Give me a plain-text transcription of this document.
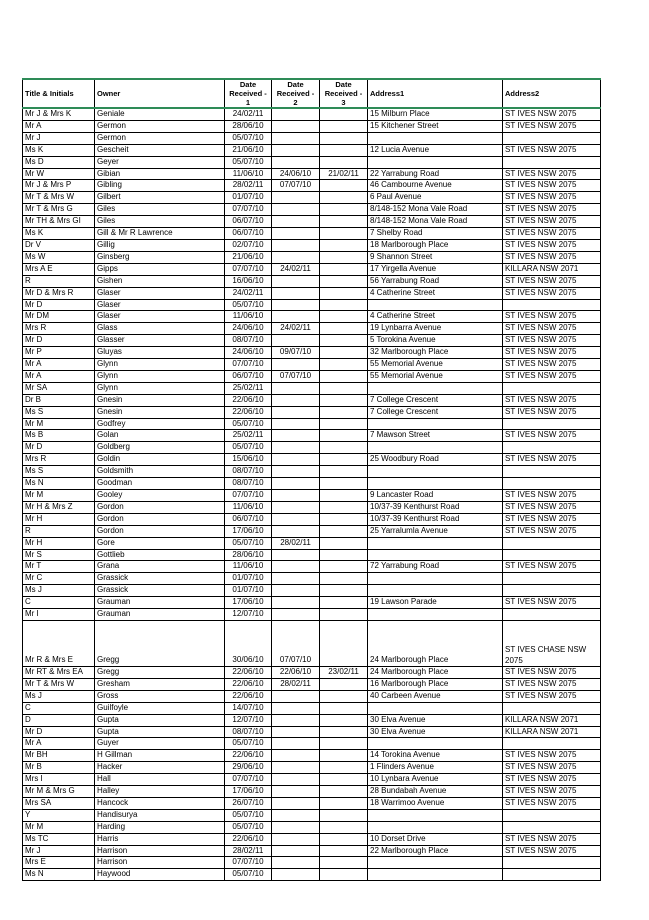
Title & Initials	Owner	Date Received - 1	Date Received - 2	Date Received - 3	Address1	Address2
Mr J & Mrs K	Geniale	24/02/11			15 Milburn Place	ST IVES NSW 2075
Mr A	Germon	28/06/10			15 Kitchener Street	ST IVES NSW 2075
Mr J	Germon	05/07/10				
Ms K	Gescheit	21/06/10			12 Lucia Avenue	ST IVES NSW 2075
Ms D	Geyer	05/07/10				
Mr W	Gibian	11/06/10	24/06/10	21/02/11	22 Yarrabung Road	ST IVES NSW 2075
Mr J & Mrs P	Gibling	28/02/11	07/07/10		46 Cambourne Avenue	ST IVES NSW 2075
Mr T & Mrs W	Gilbert	01/07/10			6 Paul Avenue	ST IVES NSW 2075
Mr T & Mrs G	Giles	07/07/10			8/148-152 Mona Vale Road	ST IVES NSW 2075
Mr TH & Mrs GI	Giles	06/07/10			8/148-152 Mona Vale Road	ST IVES NSW 2075
Ms K	Gill & Mr R Lawrence	06/07/10			7 Shelby Road	ST IVES NSW 2075
Dr V	Gillig	02/07/10			18 Marlborough Place	ST IVES NSW 2075
Ms W	Ginsberg	21/06/10			9 Shannon Street	ST IVES NSW 2075
Mrs A E	Gipps	07/07/10	24/02/11		17 Yirgella Avenue	KILLARA NSW 2071
R	Gishen	16/06/10			56 Yarrabung Road	ST IVES NSW 2075
Mr D & Mrs R	Glaser	24/02/11			4 Catherine Street	ST IVES NSW 2075
Mr D	Glaser	05/07/10				
Mr DM	Glaser	11/06/10			4 Catherine Street	ST IVES NSW 2075
Mrs R	Glass	24/06/10	24/02/11		19 Lynbarra Avenue	ST IVES NSW 2075
Mr D	Glasser	08/07/10			5 Torokina Avenue	ST IVES NSW 2075
Mr P	Gluyas	24/06/10	09/07/10		32 Marlborough Place	ST IVES NSW 2075
Mr A	Glynn	07/07/10			55 Memorial Avenue	ST IVES NSW 2075
Mr A	Glynn	06/07/10	07/07/10		55 Memorial Avenue	ST IVES NSW 2075
Mr SA	Glynn	25/02/11				
Dr B	Gnesin	22/06/10			7 College Crescent	ST IVES NSW 2075
Ms S	Gnesin	22/06/10			7 College Crescent	ST IVES NSW 2075
Mr M	Godfrey	05/07/10				
Ms B	Golan	25/02/11			7 Mawson Street	ST IVES NSW 2075
Mr D	Goldberg	05/07/10				
Mrs R	Goldin	15/06/10			25 Woodbury Road	ST IVES NSW 2075
Ms S	Goldsmith	08/07/10				
Ms N	Goodman	08/07/10				
Mr M	Gooley	07/07/10			9 Lancaster Road	ST IVES NSW 2075
Mr H & Mrs Z	Gordon	11/06/10			10/37-39 Kenthurst Road	ST IVES NSW 2075
Mr H	Gordon	06/07/10			10/37-39 Kenthurst Road	ST IVES NSW 2075
R	Gordon	17/06/10			25 Yarralumla Avenue	ST IVES NSW 2075
Mr H	Gore	05/07/10	28/02/11			
Mr S	Gottlieb	28/06/10				
Mr T	Grana	11/06/10			72 Yarrabung Road	ST IVES NSW 2075
Mr C	Grassick	01/07/10				
Ms J	Grassick	01/07/10				
C	Grauman	17/06/10			19 Lawson Parade	ST IVES NSW 2075
Mr I	Grauman	12/07/10				
Mr R & Mrs E	Gregg	30/06/10	07/07/10		24 Marlborough Place	ST IVES CHASE NSW 2075
Mr RT & Mrs EA	Gregg	22/06/10	22/06/10	23/02/11	24 Marlborough Place	ST IVES NSW 2075
Mr T & Mrs W	Gresham	22/06/10	28/02/11		16 Marlborough Place	ST IVES NSW 2075
Ms J	Gross	22/06/10			40 Carbeen Avenue	ST IVES NSW 2075
C	Guilfoyle	14/07/10				
D	Gupta	12/07/10			30 Elva Avenue	KILLARA NSW 2071
Mr D	Gupta	08/07/10			30 Elva Avenue	KILLARA NSW 2071
Mr A	Guyer	05/07/10				
Mr BH	H Gillman	22/06/10			14 Torokina Avenue	ST IVES NSW 2075
Mr B	Hacker	29/06/10			1 Flinders Avenue	ST IVES NSW 2075
Mrs I	Hall	07/07/10			10 Lynbara Avenue	ST IVES NSW 2075
Mr M & Mrs G	Halley	17/06/10			28 Bundabah Avenue	ST IVES NSW 2075
Mrs SA	Hancock	26/07/10			18 Warrimoo Avenue	ST IVES NSW 2075
Y	Handisurya	05/07/10				
Mr M	Harding	05/07/10				
Ms TC	Harris	22/06/10			10 Dorset Drive	ST IVES NSW 2075
Mr J	Harrison	28/02/11			22 Marlborough Place	ST IVES NSW 2075
Mrs E	Harrison	07/07/10				
Ms N	Haywood	05/07/10				
